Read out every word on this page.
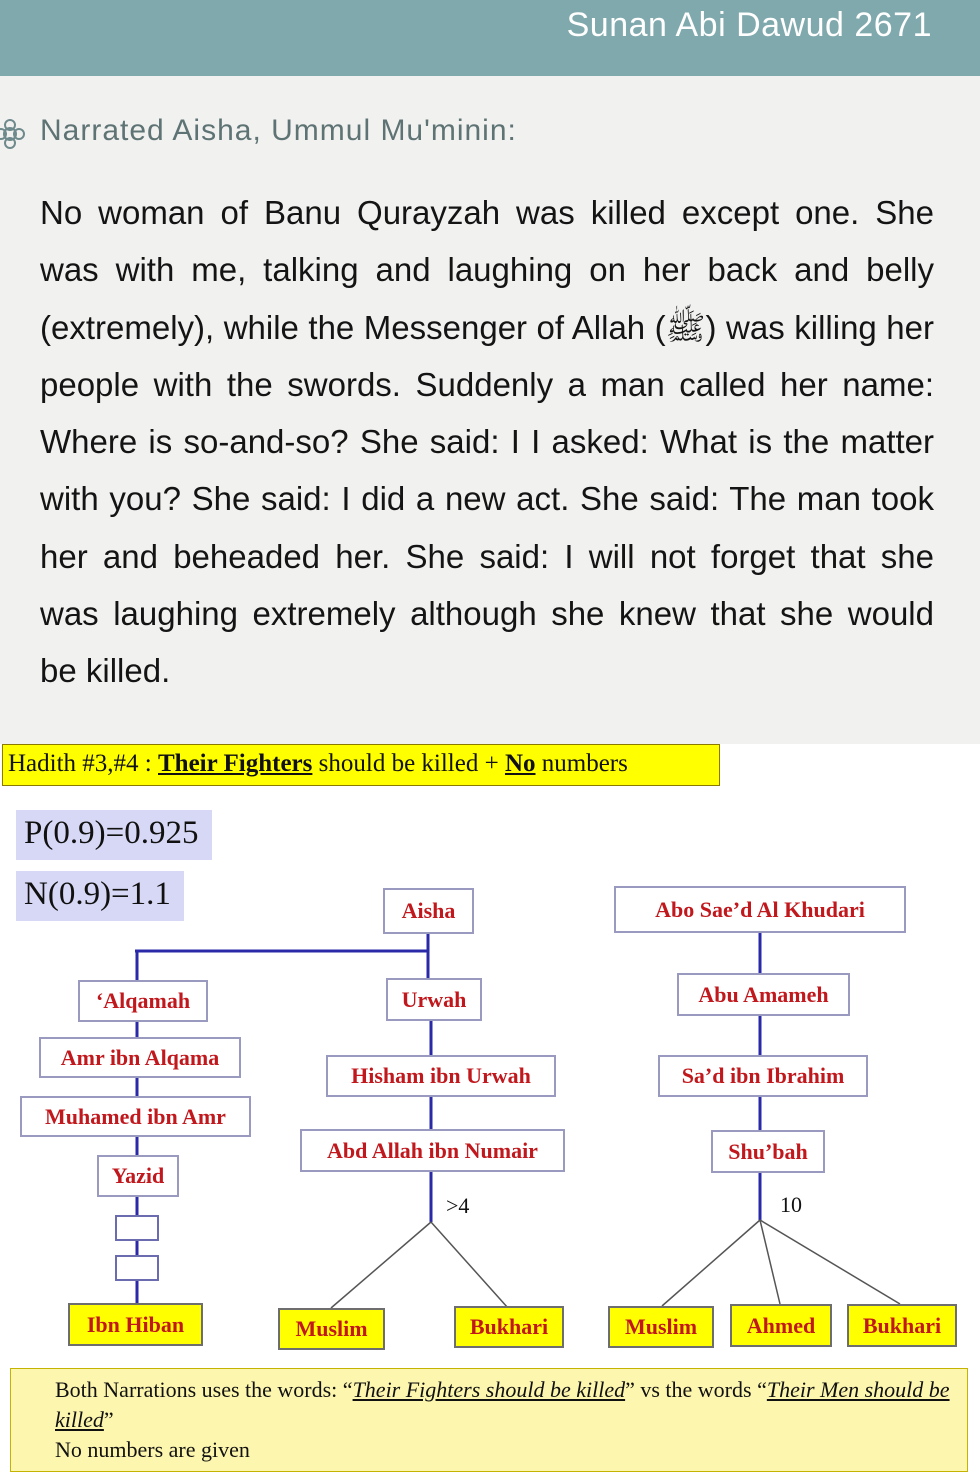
Sunan Abi Dawud 2671
Narrated Aisha, Ummul Mu'minin:
No woman of Banu Qurayzah was killed except one. She was with me, talking and laughing on her back and belly (extremely), while the Messenger of Allah (ﷺ) was killing her people with the swords. Suddenly a man called her name: Where is so-and-so? She said: I I asked: What is the matter with you? She said: I did a new act. She said: The man took her and beheaded her. She said: I will not forget that she was laughing extremely although she knew that she would be killed.
Hadith #3,#4 : Their Fighters should be killed + No numbers
P(0.9)=0.925
N(0.9)=1.1	Aisha
‘Alqamah
Amr ibn Alqama
Muhamed ibn Amr
Yazid
Ibn Hiban
Urwah
Hisham ibn Urwah
Abd Allah ibn Numair
>4
Muslim	Bukhari
Abo Sae’d Al Khudari
Abu Amameh
Sa’d ibn Ibrahim
Shu’bah
10
Muslim	Ahmed	Bukhari
Both Narrations uses the words: “Their Fighters should be killed” vs the words “Their Men should be killed”
No numbers are given
